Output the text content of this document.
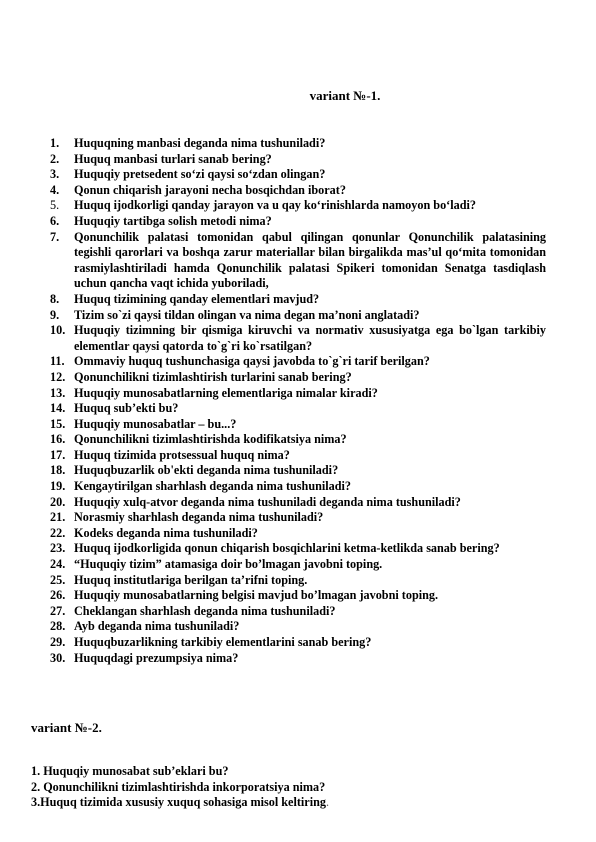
variant №-1.
1.	Huquqning manbasi deganda nima tushuniladi?
2.	Huquq manbasi turlari sanab bering?
3.	Huquqiy pretsedent so‘zi qaysi so‘zdan olingan?
4.	Qonun chiqarish jarayoni necha bosqichdan iborat?
5.	Huquq ijodkorligi qanday jarayon va u qay ko‘rinishlarda namoyon bo‘ladi?
6.	Huquqiy tartibga solish metodi nima?
7.	Qonunchilik palatasi tomonidan qabul qilingan qonunlar Qonunchilik palatasining tegishli qarorlari va boshqa zarur materiallar bilan birgalikda mas’ul qo‘mita tomonidan rasmiylashtiriladi hamda Qonunchilik palatasi Spikeri tomonidan Senatga tasdiqlash uchun qancha vaqt ichida yuboriladi,
8.	Huquq tizimining qanday elementlari mavjud?
9.	Tizim so`zi qaysi tildan olingan va nima degan ma’noni anglatadi?
10. Huquqiy tizimning bir qismiga kiruvchi va normativ xususiyatga ega bo`lgan tarkibiy elementlar qaysi qatorda to`g`ri ko`rsatilgan?
11. Ommaviy huquq tushunchasiga qaysi javobda to`g`ri tarif berilgan?
12. Qonunchilikni tizimlashtirish turlarini sanab bering?
13. Huquqiy munosabatlarning elementlariga nimalar kiradi?
14. Huquq sub’ekti bu?
15. Huquqiy munosabatlar – bu...?
16. Qonunchilikni tizimlashtirishda kodifikatsiya nima?
17. Huquq tizimida protsessual huquq nima?
18. Huquqbuzarlik ob'ekti deganda nima tushuniladi?
19. Kengaytirilgan sharhlash deganda nima tushuniladi?
20. Huquqiy xulq-atvor deganda nima tushuniladi deganda nima tushuniladi?
21. Norasmiy sharhlash deganda nima tushuniladi?
22. Kodeks deganda nima tushuniladi?
23. Huquq ijodkorligida qonun chiqarish bosqichlarini ketma-ketlikda sanab bering?
24. “Huquqiy tizim” atamasiga doir bo’lmagan javobni toping.
25. Huquq institutlariga berilgan ta’rifni toping.
26. Huquqiy munosabatlarning belgisi mavjud bo’lmagan javobni toping.
27. Cheklangan sharhlash deganda nima tushuniladi?
28. Ayb deganda nima tushuniladi?
29. Huquqbuzarlikning tarkibiy elementlarini sanab bering?
30. Huquqdagi prezumpsiya nima?
variant №-2.
1. Huquqiy munosabat sub’eklari bu?
2. Qonunchilikni tizimlashtirishda inkorporatsiya nima?
3.Huquq tizimida xususiy xuquq sohasiga misol keltiring.
